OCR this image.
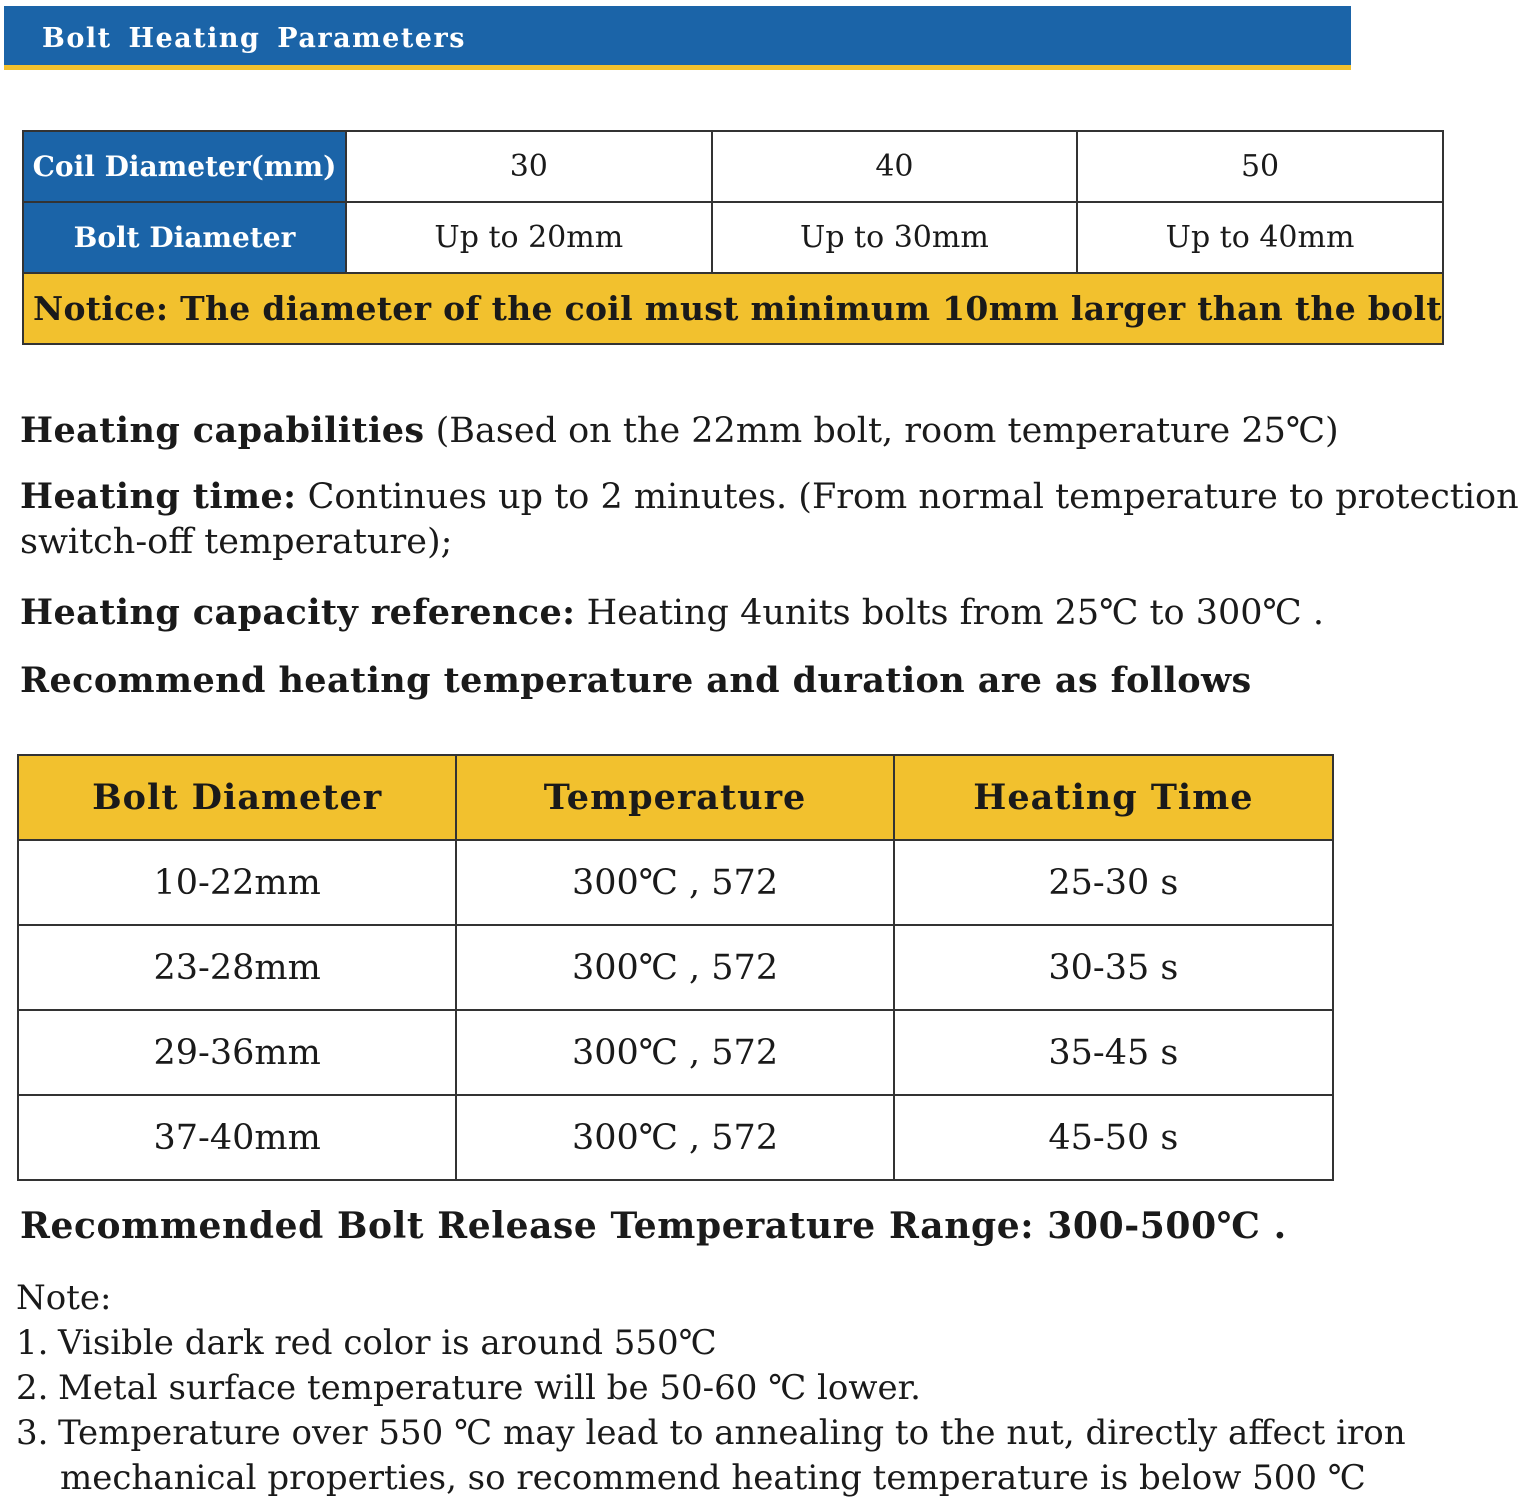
Bolt Heating Parameters
Coil Diameter(mm)	30	40	50
Bolt Diameter	Up to 20mm	Up to 30mm	Up to 40mm
Notice: The diameter of the coil must minimum 10mm larger than the bolt			
Heating capabilities (Based on the 22mm bolt, room temperature 25℃)
Heating time: Continues up to 2 minutes. (From normal temperature to protection
switch-off temperature);
Heating capacity reference: Heating 4units bolts from 25℃ to 300℃ .
Recommend heating temperature and duration are as follows
Bolt Diameter	Temperature	Heating Time
10-22mm	300℃ , 572	25-30 s
23-28mm	300℃ , 572	30-35 s
29-36mm	300℃ , 572	35-45 s
37-40mm	300℃ , 572	45-50 s
Recommended Bolt Release Temperature Range: 300-500℃ .
Note:
1. Visible dark red color is around 550℃
2. Metal surface temperature will be 50-60 ℃ lower.
3. Temperature over 550 ℃ may lead to annealing to the nut, directly affect iron
mechanical properties, so recommend heating temperature is below 500 ℃
